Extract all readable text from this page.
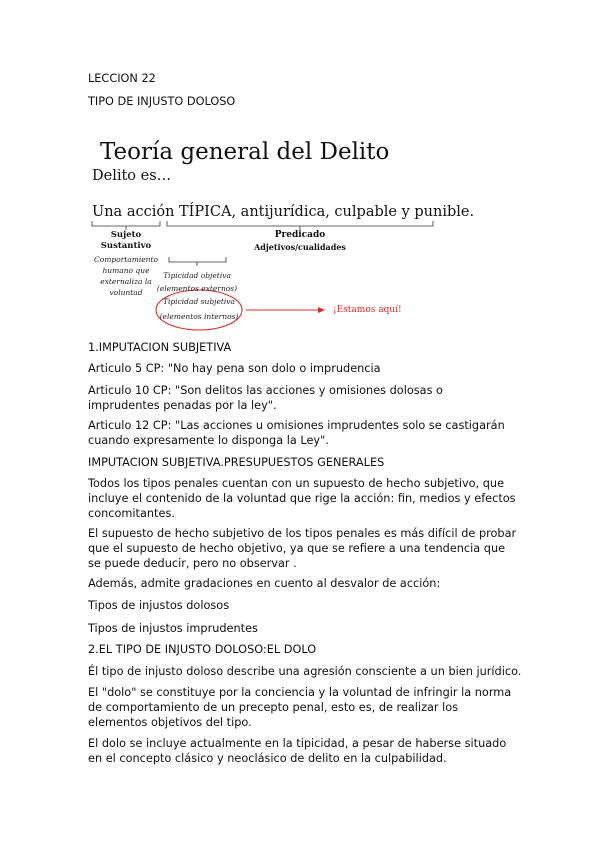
LECCION 22
TIPO DE INJUSTO DOLOSO
Teoría general del Delito
Delito es…
Una acción TÍPICA, antijurídica, culpable y punible.
Sujeto
Sustantivo
Comportamiento
humano que
externaliza la
voluntad
Predicado
Adjetivos/cualidades
Tipicidad objetiva
(elementos externos)
Tipicidad subjetiva
(elementos internos)
¡Estamos aquí!
1.IMPUTACION SUBJETIVA
Articulo 5 CP: "No hay pena son dolo o imprudencia
Articulo 10 CP: "Son delitos las acciones y omisiones dolosas o imprudentes penadas por la ley".
Articulo 12 CP: "Las acciones u omisiones imprudentes solo se castigarán cuando expresamente lo disponga la Ley".
IMPUTACION SUBJETIVA.PRESUPUESTOS GENERALES
Todos los tipos penales cuentan con un supuesto de hecho subjetivo, que incluye el contenido de la voluntad que rige la acción: fin, medios y efectos concomitantes.
El supuesto de hecho subjetivo de los tipos penales es más difícil de probar que el supuesto de hecho objetivo, ya que se refiere a una tendencia que se puede deducir, pero no observar .
Además, admite gradaciones en cuento al desvalor de acción:
Tipos de injustos dolosos
Tipos de injustos imprudentes
2.EL TIPO DE INJUSTO DOLOSO:EL DOLO
Él tipo de injusto doloso describe una agresión consciente a un bien jurídico.
El "dolo" se constituye por la conciencia y la voluntad de infringir la norma de comportamiento de un precepto penal, esto es, de realizar los elementos objetivos del tipo.
El dolo se incluye actualmente en la tipicidad, a pesar de haberse situado en el concepto clásico y neoclásico de delito en la culpabilidad.
